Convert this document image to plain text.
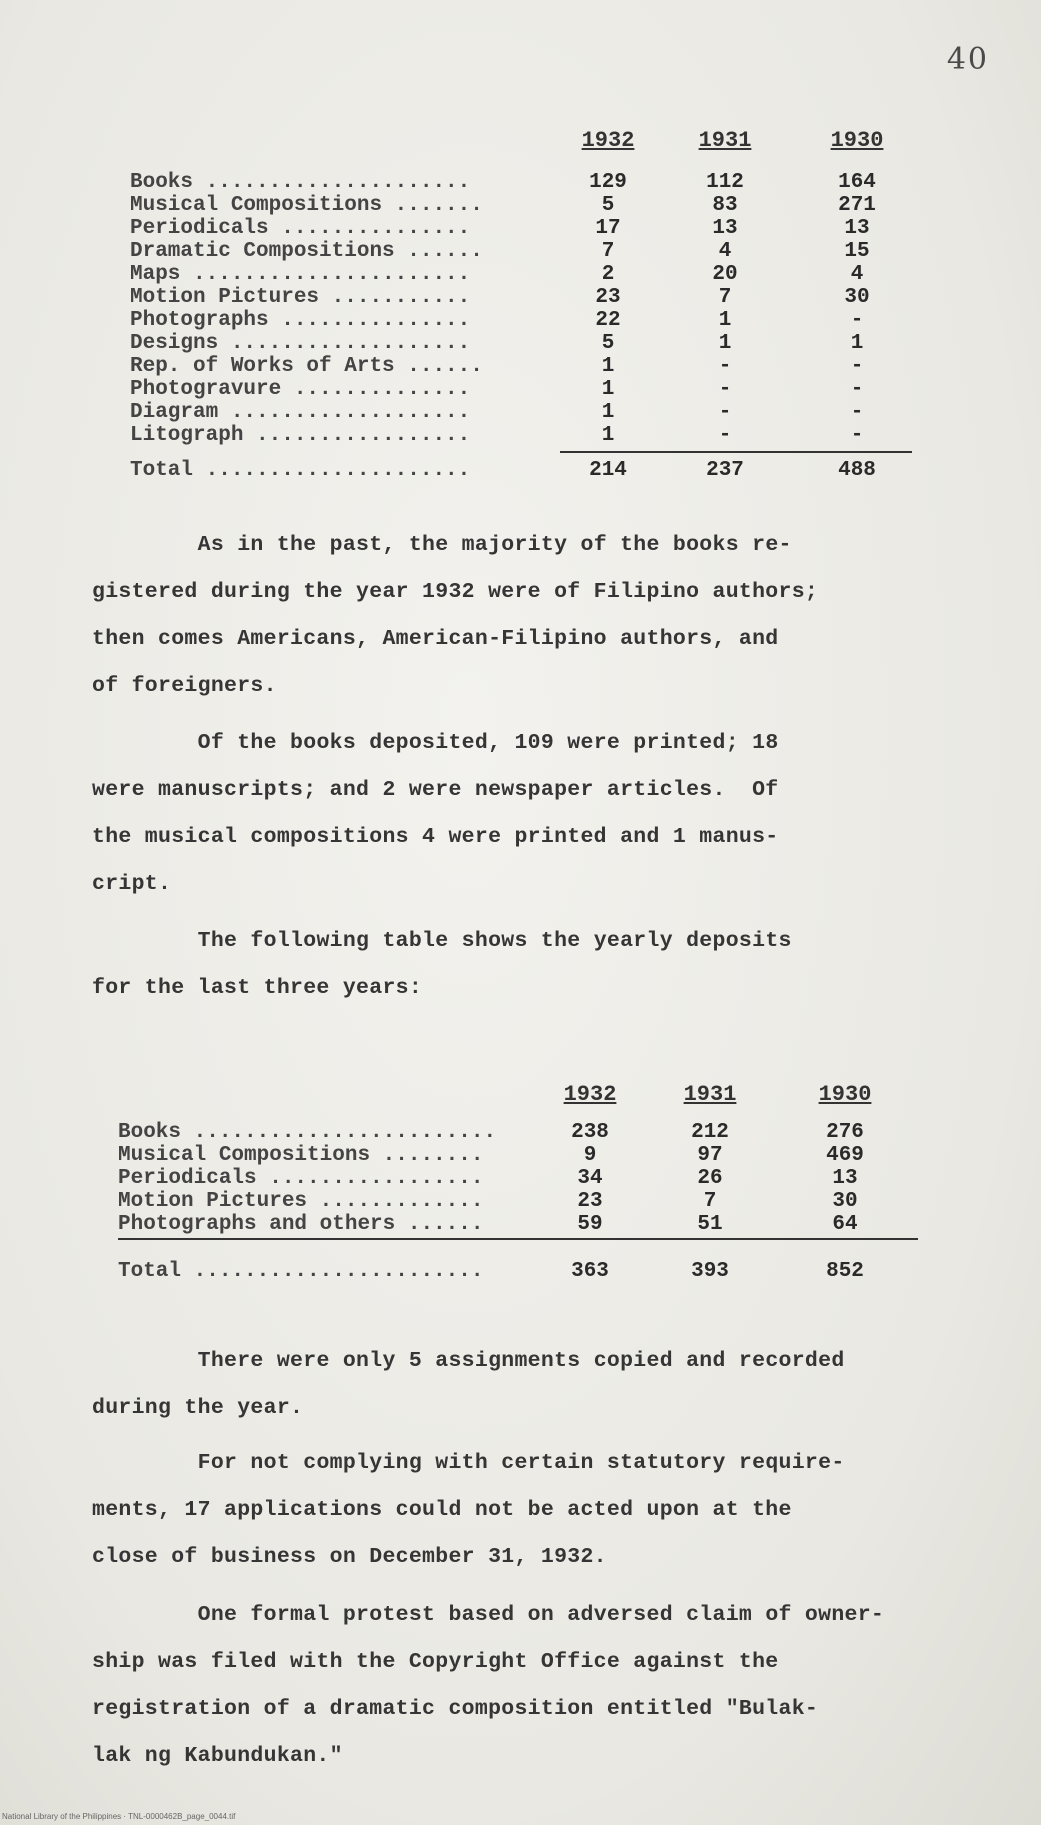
40
1932	1931	1930
Books .....................	129	112	164
Musical Compositions .......	5	83	271
Periodicals ...............	17	13	13
Dramatic Compositions ......	7	4	15
Maps ......................	2	20	4
Motion Pictures ...........	23	7	30
Photographs ...............	22	1	-
Designs ...................	5	1	1
Rep. of Works of Arts ......	1	-	-
Photogravure ..............	1	-	-
Diagram ...................	1	-	-
Litograph .................	1	-	-
Total .....................	214	237	488
As in the past, the majority of the books re-
gistered during the year 1932 were of Filipino authors;
then comes Americans, American-Filipino authors, and
of foreigners.
Of the books deposited, 109 were printed; 18
were manuscripts; and 2 were newspaper articles.  Of
the musical compositions 4 were printed and 1 manus-
cript.
The following table shows the yearly deposits
for the last three years:
1932	1931	1930
Books ........................	238	212	276
Musical Compositions ........	9	97	469
Periodicals .................	34	26	13
Motion Pictures .............	23	7	30
Photographs and others ......	59	51	64
Total .......................	363	393	852
There were only 5 assignments copied and recorded
during the year.
For not complying with certain statutory require-
ments, 17 applications could not be acted upon at the
close of business on December 31, 1932.
One formal protest based on adversed claim of owner-
ship was filed with the Copyright Office against the
registration of a dramatic composition entitled "Bulak-
lak ng Kabundukan."
National Library of the Philippines · TNL-0000462B_page_0044.tif
